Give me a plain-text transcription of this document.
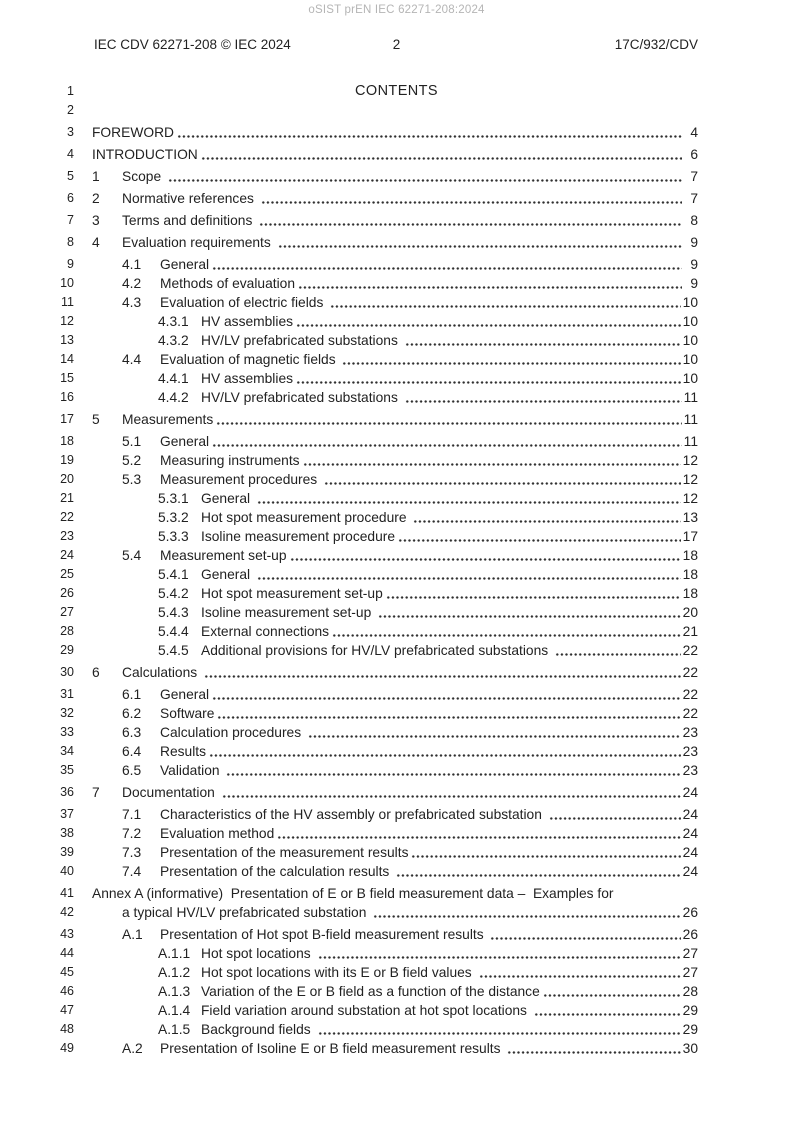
oSIST prEN IEC 62271-208:2024
IEC CDV 62271-208 © IEC 2024	2	17C/932/CDV
1	CONTENTS
2
3 FOREWORD	4
4 INTRODUCTION	6
5 1	Scope	7
6 2	Normative references	7
7 3	Terms and definitions	8
8 4	Evaluation requirements	9
9	4.1	General	9
10	4.2	Methods of evaluation	9
11	4.3	Evaluation of electric fields	10
12	4.3.1 HV assemblies	10
13	4.3.2 HV/LV prefabricated substations	10
14	4.4	Evaluation of magnetic fields	10
15	4.4.1 HV assemblies	10
16	4.4.2 HV/LV prefabricated substations	11
17 5	Measurements	11
18	5.1	General	11
19	5.2	Measuring instruments	12
20	5.3	Measurement procedures	12
21	5.3.1 General	12
22	5.3.2 Hot spot measurement procedure	13
23	5.3.3 Isoline measurement procedure	17
24	5.4	Measurement set-up	18
25	5.4.1 General	18
26	5.4.2 Hot spot measurement set-up	18
27	5.4.3 Isoline measurement set-up	20
28	5.4.4 External connections	21
29	5.4.5 Additional provisions for HV/LV prefabricated substations	22
30 6	Calculations	22
31	6.1	General	22
32	6.2	Software	22
33	6.3	Calculation procedures	23
34	6.4	Results	23
35	6.5	Validation	23
36 7	Documentation	24
37	7.1	Characteristics of the HV assembly or prefabricated substation	24
38	7.2	Evaluation method	24
39	7.3	Presentation of the measurement results	24
40	7.4	Presentation of the calculation results	24
41 Annex A (informative)  Presentation of E or B field measurement data –  Examples for
42	a typical HV/LV prefabricated substation	26
43	A.1	Presentation of Hot spot B-field measurement results	26
44	A.1.1 Hot spot locations	27
45	A.1.2 Hot spot locations with its E or B field values	27
46	A.1.3 Variation of the E or B field as a function of the distance	28
47	A.1.4 Field variation around substation at hot spot locations	29
48	A.1.5 Background fields	29
49	A.2	Presentation of Isoline E or B field measurement results	30
